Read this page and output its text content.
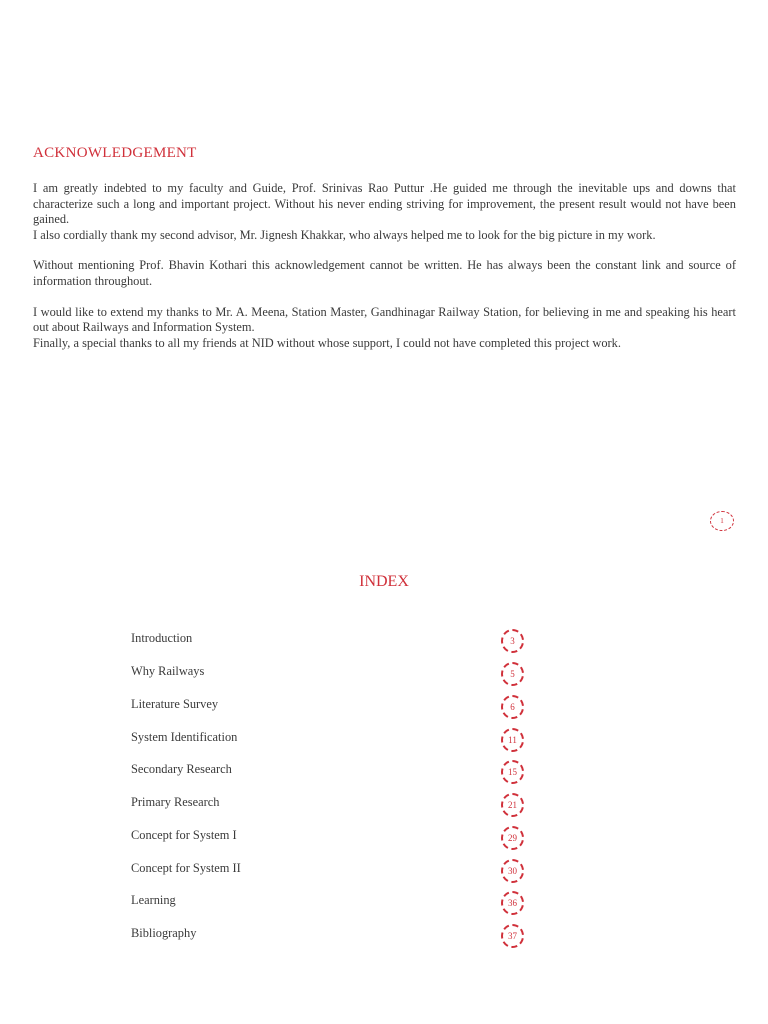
ACKNOWLEDGEMENT

I am greatly indebted to my faculty and Guide, Prof. Srinivas Rao Puttur .He guided me through the inevitable ups and downs that characterize such a long and important project. Without his never ending striving for improvement, the present result would not have been gained.

I also cordially thank my second advisor, Mr. Jignesh Khakkar, who always helped me to look for the big picture in my work.

Without mentioning Prof. Bhavin Kothari this acknowledgement cannot be written. He has always been the constant link and source of information throughout.

I would like to extend my thanks to Mr. A. Meena, Station Master, Gandhinagar Railway Station, for believing in me and speaking his heart out about Railways and Information System.

Finally, a special thanks to all my friends at NID without whose support, I could not have completed this project work.

1
INDEX
Introduction	3
Why Railways	5
Literature Survey	6
System Identification	11
Secondary Research	15
Primary Research	21
Concept for System I	29
Concept for System II	30
Learning	36
Bibliography	37
